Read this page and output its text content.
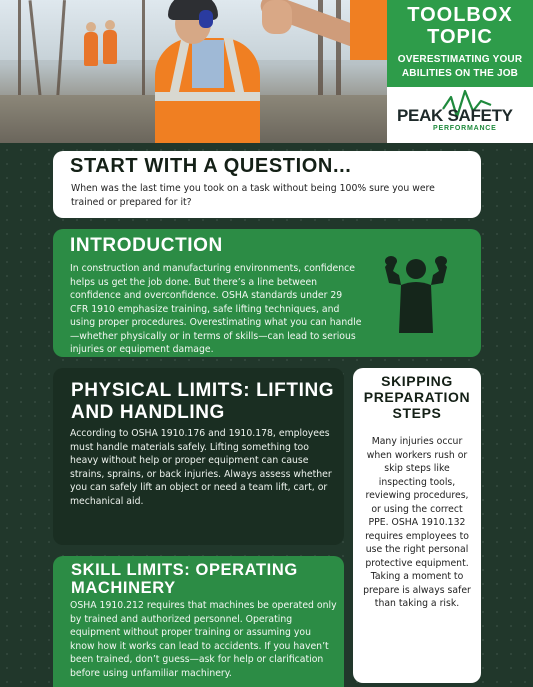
TOOLBOX TOPIC
OVERESTIMATING YOUR ABILITIES ON THE JOB
PEAK SAFETY
PERFORMANCE
START WITH A QUESTION...
When was the last time you took on a task without being 100% sure you were trained or prepared for it?
INTRODUCTION
In construction and manufacturing environments, confidence helps us get the job done. But there’s a line between confidence and overconfidence. OSHA standards under 29 CFR 1910 emphasize training, safe lifting techniques, and using proper procedures. Overestimating what you can handle—whether physically or in terms of skills—can lead to serious injuries or equipment damage.
PHYSICAL LIMITS: LIFTING AND HANDLING
According to OSHA 1910.176 and 1910.178, employees must handle materials safely. Lifting something too heavy without help or proper equipment can cause strains, sprains, or back injuries. Always assess whether you can safely lift an object or need a team lift, cart, or mechanical aid.
SKILL LIMITS: OPERATING MACHINERY
OSHA 1910.212 requires that machines be operated only by trained and authorized personnel. Operating equipment without proper training or assuming you know how it works can lead to accidents. If you haven’t been trained, don’t guess—ask for help or clarification before using unfamiliar machinery.
SKIPPING PREPARATION STEPS
Many injuries occur when workers rush or skip steps like inspecting tools, reviewing procedures, or using the correct PPE. OSHA 1910.132 requires employees to use the right personal protective equipment. Taking a moment to prepare is always safer than taking a risk.
